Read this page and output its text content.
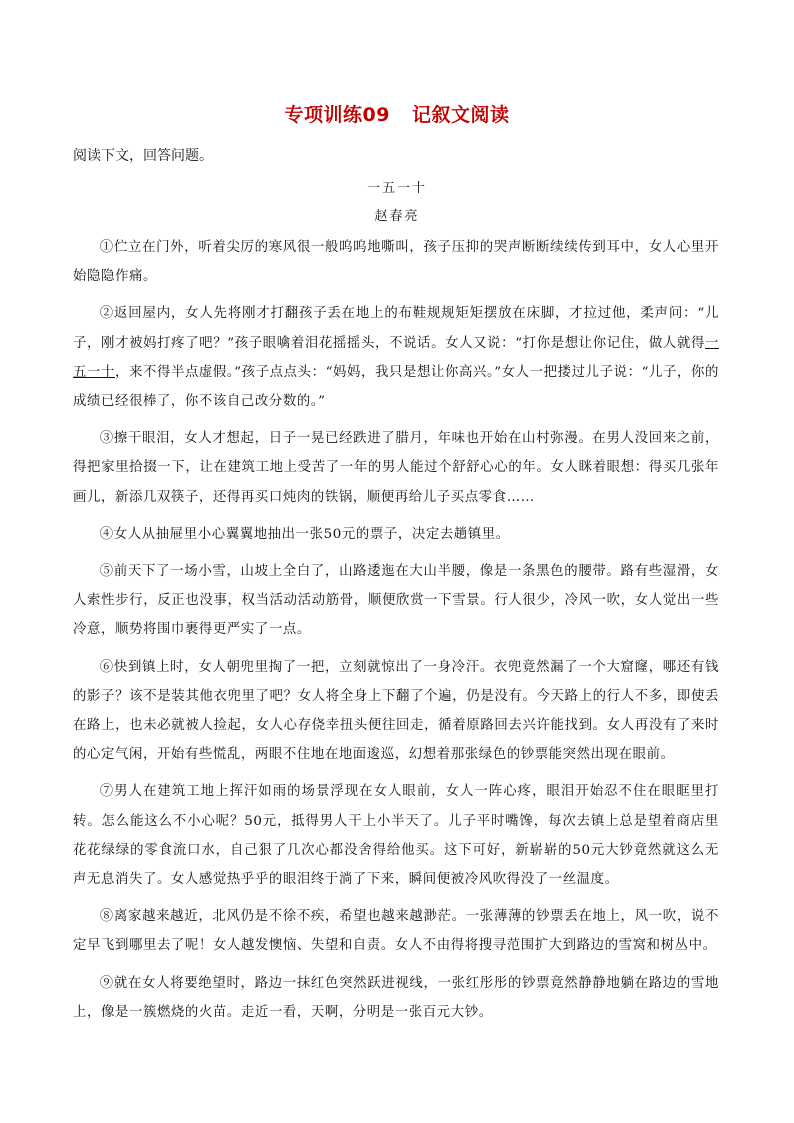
专项训练09 记叙文阅读
阅读下文，回答问题。
一五一十
赵春亮

①伫立在门外，听着尖厉的寒风很一般呜呜地嘶叫，孩子压抑的哭声断断续续传到耳中，女人心里开始隐隐作痛。

②返回屋内，女人先将刚才打翻孩子丢在地上的布鞋规规矩矩摆放在床脚，才拉过他，柔声问：“儿子，刚才被妈打疼了吧？”孩子眼噙着泪花摇摇头，不说话。女人又说：“打你是想让你记住，做人就得一五一十，来不得半点虚假。”孩子点点头：“妈妈，我只是想让你高兴。”女人一把搂过儿子说：“儿子，你的成绩已经很棒了，你不该自己改分数的。”

③擦干眼泪，女人才想起，日子一晃已经跌进了腊月，年味也开始在山村弥漫。在男人没回来之前，得把家里拾掇一下，让在建筑工地上受苦了一年的男人能过个舒舒心心的年。女人眯着眼想：得买几张年画儿，新添几双筷子，还得再买口炖肉的铁锅，顺便再给儿子买点零食……

④女人从抽屉里小心翼翼地抽出一张50元的票子，决定去趟镇里。

⑤前天下了一场小雪，山坡上全白了，山路逶迤在大山半腰，像是一条黑色的腰带。路有些湿滑，女人索性步行，反正也没事，权当活动活动筋骨，顺便欣赏一下雪景。行人很少，冷风一吹，女人觉出一些冷意，顺势将围巾裹得更严实了一点。

⑥快到镇上时，女人朝兜里掏了一把，立刻就惊出了一身冷汗。衣兜竟然漏了一个大窟窿，哪还有钱的影子？该不是装其他衣兜里了吧？女人将全身上下翻了个遍，仍是没有。今天路上的行人不多，即使丢在路上，也未必就被人捡起，女人心存侥幸扭头便往回走，循着原路回去兴许能找到。女人再没有了来时的心定气闲，开始有些慌乱，两眼不住地在地面逡巡，幻想着那张绿色的钞票能突然出现在眼前。

⑦男人在建筑工地上挥汗如雨的场景浮现在女人眼前，女人一阵心疼，眼泪开始忍不住在眼眶里打转。怎么能这么不小心呢？50元，抵得男人干上小半天了。儿子平时嘴馋，每次去镇上总是望着商店里花花绿绿的零食流口水，自己狠了几次心都没舍得给他买。这下可好，新崭崭的50元大钞竟然就这么无声无息消失了。女人感觉热乎乎的眼泪终于淌了下来，瞬间便被冷风吹得没了一丝温度。

⑧离家越来越近，北风仍是不徐不疾，希望也越来越渺茫。一张薄薄的钞票丢在地上，风一吹，说不定早飞到哪里去了呢！女人越发懊恼、失望和自责。女人不由得将搜寻范围扩大到路边的雪窝和树丛中。

⑨就在女人将要绝望时，路边一抹红色突然跃进视线，一张红彤彤的钞票竟然静静地躺在路边的雪地上，像是一簇燃烧的火苗。走近一看，天啊，分明是一张百元大钞。
